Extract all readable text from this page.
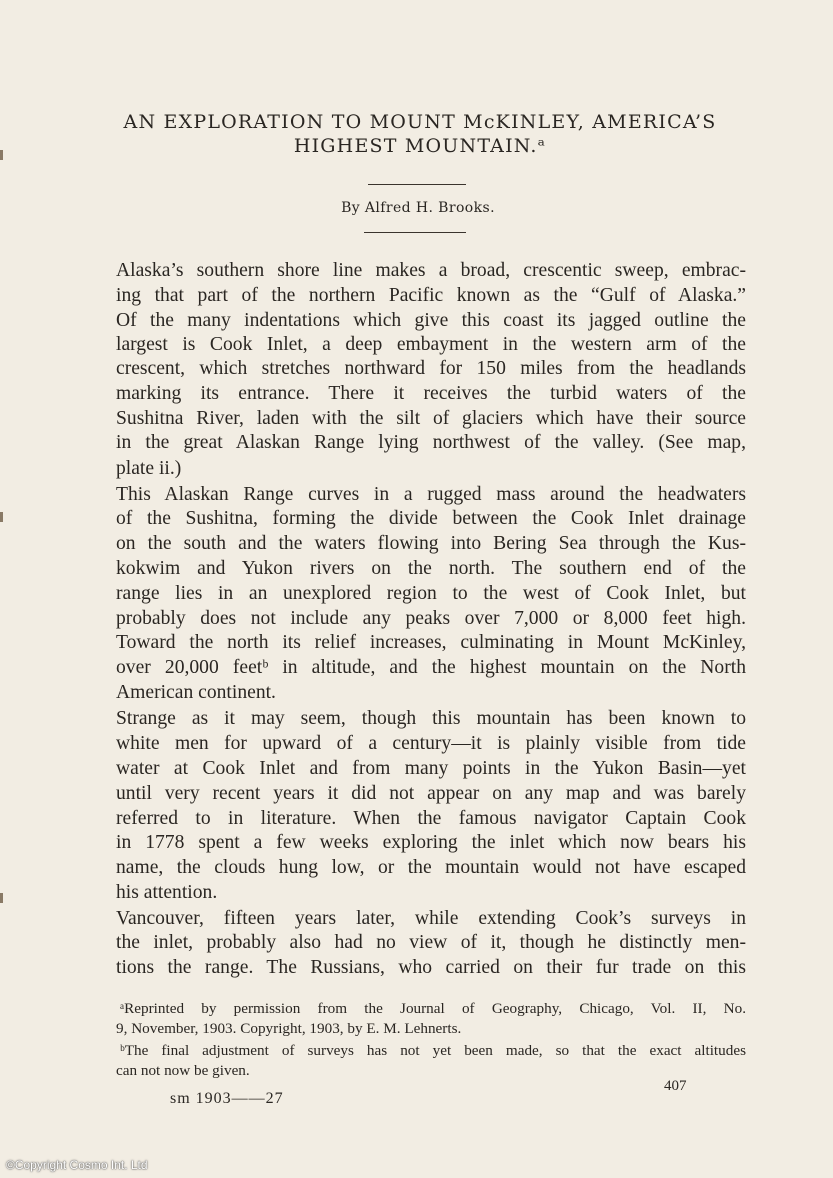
AN EXPLORATION TO MOUNT McKINLEY, AMERICA’S
HIGHEST MOUNTAIN.ᵃ
By Alfred H. Brooks.
Alaska’s southern shore line makes a broad, crescentic sweep, embrac-
ing that part of the northern Pacific known as the “Gulf of Alaska.”
Of the many indentations which give this coast its jagged outline the
largest is Cook Inlet, a deep embayment in the western arm of the
crescent, which stretches northward for 150 miles from the headlands
marking its entrance. There it receives the turbid waters of the
Sushitna River, laden with the silt of glaciers which have their source
in the great Alaskan Range lying northwest of the valley. (See map,
plate ii.)
This Alaskan Range curves in a rugged mass around the headwaters
of the Sushitna, forming the divide between the Cook Inlet drainage
on the south and the waters flowing into Bering Sea through the Kus-
kokwim and Yukon rivers on the north. The southern end of the
range lies in an unexplored region to the west of Cook Inlet, but
probably does not include any peaks over 7,000 or 8,000 feet high.
Toward the north its relief increases, culminating in Mount McKinley,
over 20,000 feetᵇ in altitude, and the highest mountain on the North
American continent.
Strange as it may seem, though this mountain has been known to
white men for upward of a century—it is plainly visible from tide
water at Cook Inlet and from many points in the Yukon Basin—yet
until very recent years it did not appear on any map and was barely
referred to in literature. When the famous navigator Captain Cook
in 1778 spent a few weeks exploring the inlet which now bears his
name, the clouds hung low, or the mountain would not have escaped
his attention.
Vancouver, fifteen years later, while extending Cook’s surveys in
the inlet, probably also had no view of it, though he distinctly men-
tions the range. The Russians, who carried on their fur trade on this
ᵃReprinted by permission from the Journal of Geography, Chicago, Vol. II, No.
9, November, 1903. Copyright, 1903, by E. M. Lehnerts.
ᵇThe final adjustment of surveys has not yet been made, so that the exact altitudes
can not now be given.
sm 1903——27
407
©Copyright Cosmo Int. Ltd
